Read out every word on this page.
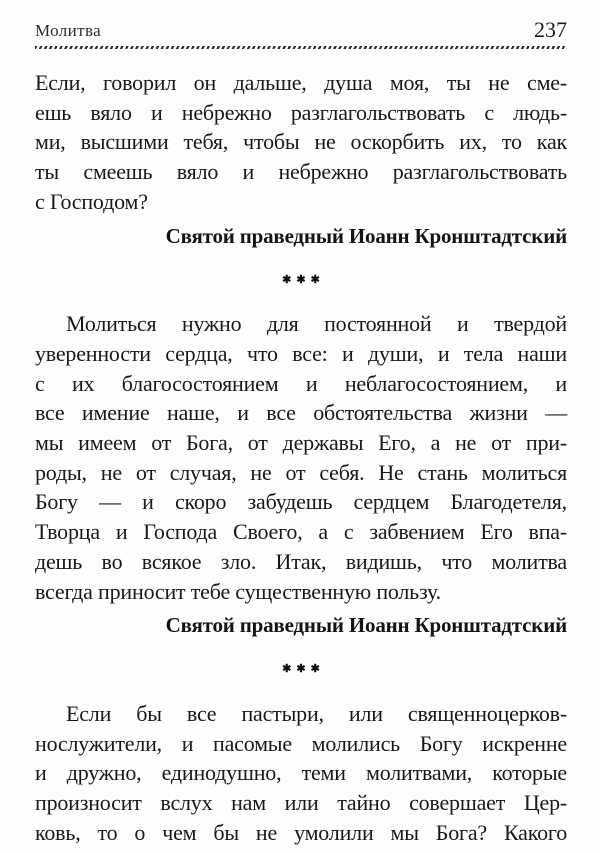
Молитва	237
Если, говорил он дальше, душа моя, ты не сме-
ешь вяло и небрежно разглагольствовать с людь-
ми, высшими тебя, чтобы не оскорбить их, то как
ты смеешь вяло и небрежно разглагольствовать
с Господом?
Святой праведный Иоанн Кронштадтский
✱✱✱
Молиться нужно для постоянной и твердой
уверенности сердца, что все: и души, и тела наши
с их благосостоянием и неблагосостоянием, и
все имение наше, и все обстоятельства жизни —
мы имеем от Бога, от державы Его, а не от при-
роды, не от случая, не от себя. Не стань молиться
Богу — и скоро забудешь сердцем Благодетеля,
Творца и Господа Своего, а с забвением Его впа-
дешь во всякое зло. Итак, видишь, что молитва
всегда приносит тебе существенную пользу.
Святой праведный Иоанн Кронштадтский
✱✱✱
Если бы все пастыри, или священноцерков-
нослужители, и пасомые молились Богу искренне
и дружно, единодушно, теми молитвами, которые
произносит вслух нам или тайно совершает Цер-
ковь, то о чем бы не умолили мы Бога? Какого
